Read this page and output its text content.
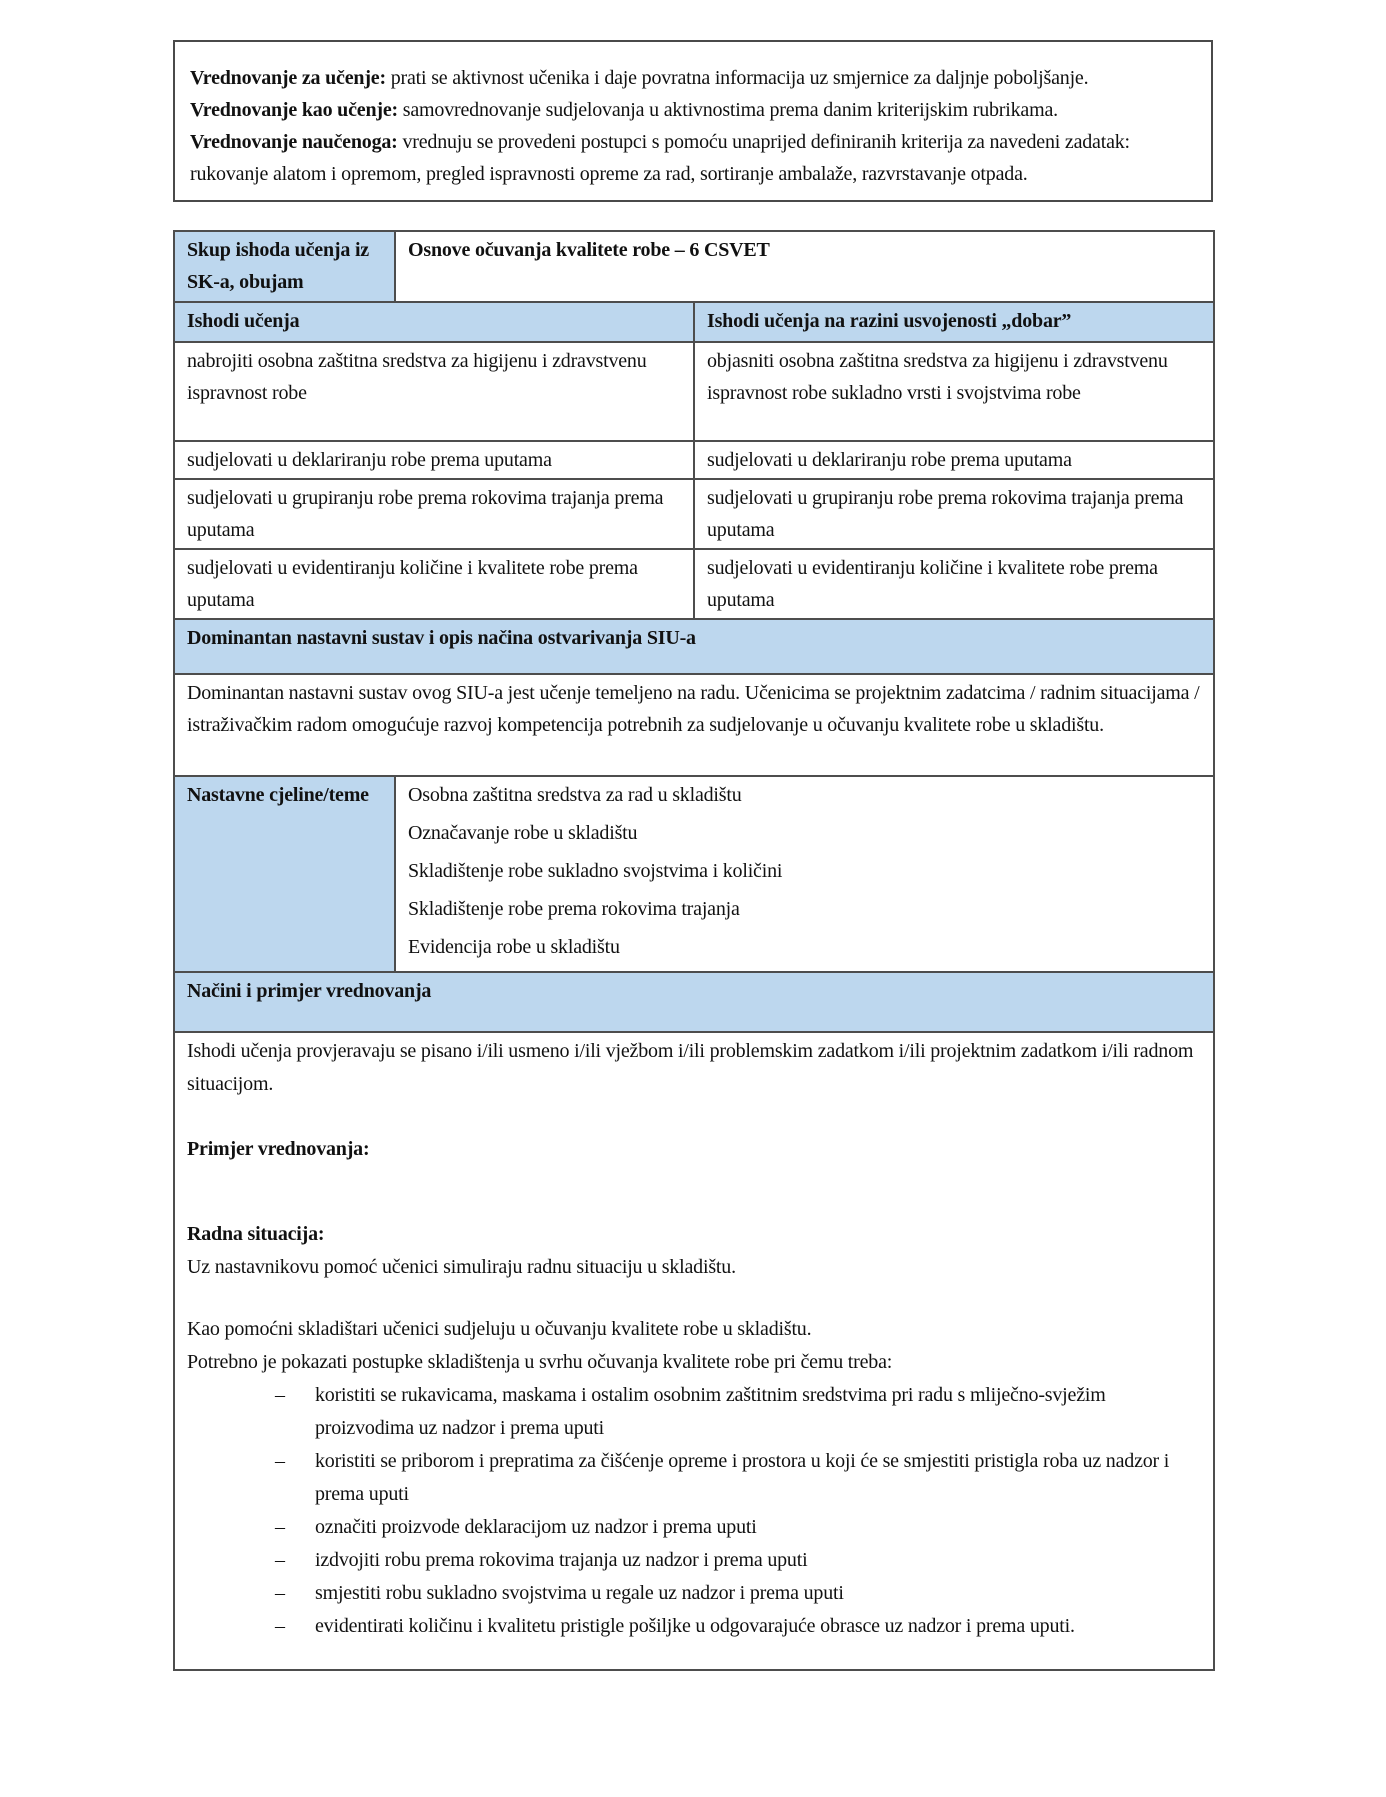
Vrednovanje za učenje: prati se aktivnost učenika i daje povratna informacija uz smjernice za daljnje poboljšanje.

Vrednovanje kao učenje: samovrednovanje sudjelovanja u aktivnostima prema danim kriterijskim rubrikama.

Vrednovanje naučenoga: vrednuju se provedeni postupci s pomoću unaprijed definiranih kriterija za navedeni zadatak: rukovanje alatom i opremom, pregled ispravnosti opreme za rad, sortiranje ambalaže, razvrstavanje otpada.

Skup ishoda učenja iz SK-a, obujam	Osnove očuvanja kvalitete robe – 6 CSVET	
Ishodi učenja		Ishodi učenja na razini usvojenosti „dobar”
nabrojiti osobna zaštitna sredstva za higijenu i zdravstvenu ispravnost robe		objasniti osobna zaštitna sredstva za higijenu i zdravstvenu ispravnost robe sukladno vrsti i svojstvima robe
sudjelovati u deklariranju robe prema uputama		sudjelovati u deklariranju robe prema uputama
sudjelovati u grupiranju robe prema rokovima trajanja prema uputama		sudjelovati u grupiranju robe prema rokovima trajanja prema uputama
sudjelovati u evidentiranju količine i kvalitete robe prema uputama		sudjelovati u evidentiranju količine i kvalitete robe prema uputama
Dominantan nastavni sustav i opis načina ostvarivanja SIU-a		
Dominantan nastavni sustav ovog SIU-a jest učenje temeljeno na radu. Učenicima se projektnim zadatcima / radnim situacijama / istraživačkim radom omogućuje razvoj kompetencija potrebnih za sudjelovanje u očuvanju kvalitete robe u skladištu.		
Nastavne cjeline/teme	Osobna zaštitna sredstva za rad u skladištu
Označavanje robe u skladištu
Skladištenje robe sukladno svojstvima i količini
Skladištenje robe prema rokovima trajanja
Evidencija robe u skladištu	

Načini i primjer vrednovanja		

Ishodi učenja provjeravaju se pisano i/ili usmeno i/ili vježbom i/ili problemskim zadatkom i/ili projektnim zadatkom i/ili radnom situacijom.

Primjer vrednovanja:

Radna situacija:

Uz nastavnikovu pomoć učenici simuliraju radnu situaciju u skladištu.

Kao pomoćni skladištari učenici sudjeluju u očuvanju kvalitete robe u skladištu.

Potrebno je pokazati postupke skladištenja u svrhu očuvanja kvalitete robe pri čemu treba:

– koristiti se rukavicama, maskama i ostalim osobnim zaštitnim sredstvima pri radu s mliječno-svježim proizvodima uz nadzor i prema uputi
– koristiti se priborom i prepratima za čišćenje opreme i prostora u koji će se smjestiti pristigla roba uz nadzor i prema uputi
– označiti proizvode deklaracijom uz nadzor i prema uputi
– izdvojiti robu prema rokovima trajanja uz nadzor i prema uputi
– smjestiti robu sukladno svojstvima u regale uz nadzor i prema uputi
– evidentirati količinu i kvalitetu pristigle pošiljke u odgovarajuće obrasce uz nadzor i prema uputi.
